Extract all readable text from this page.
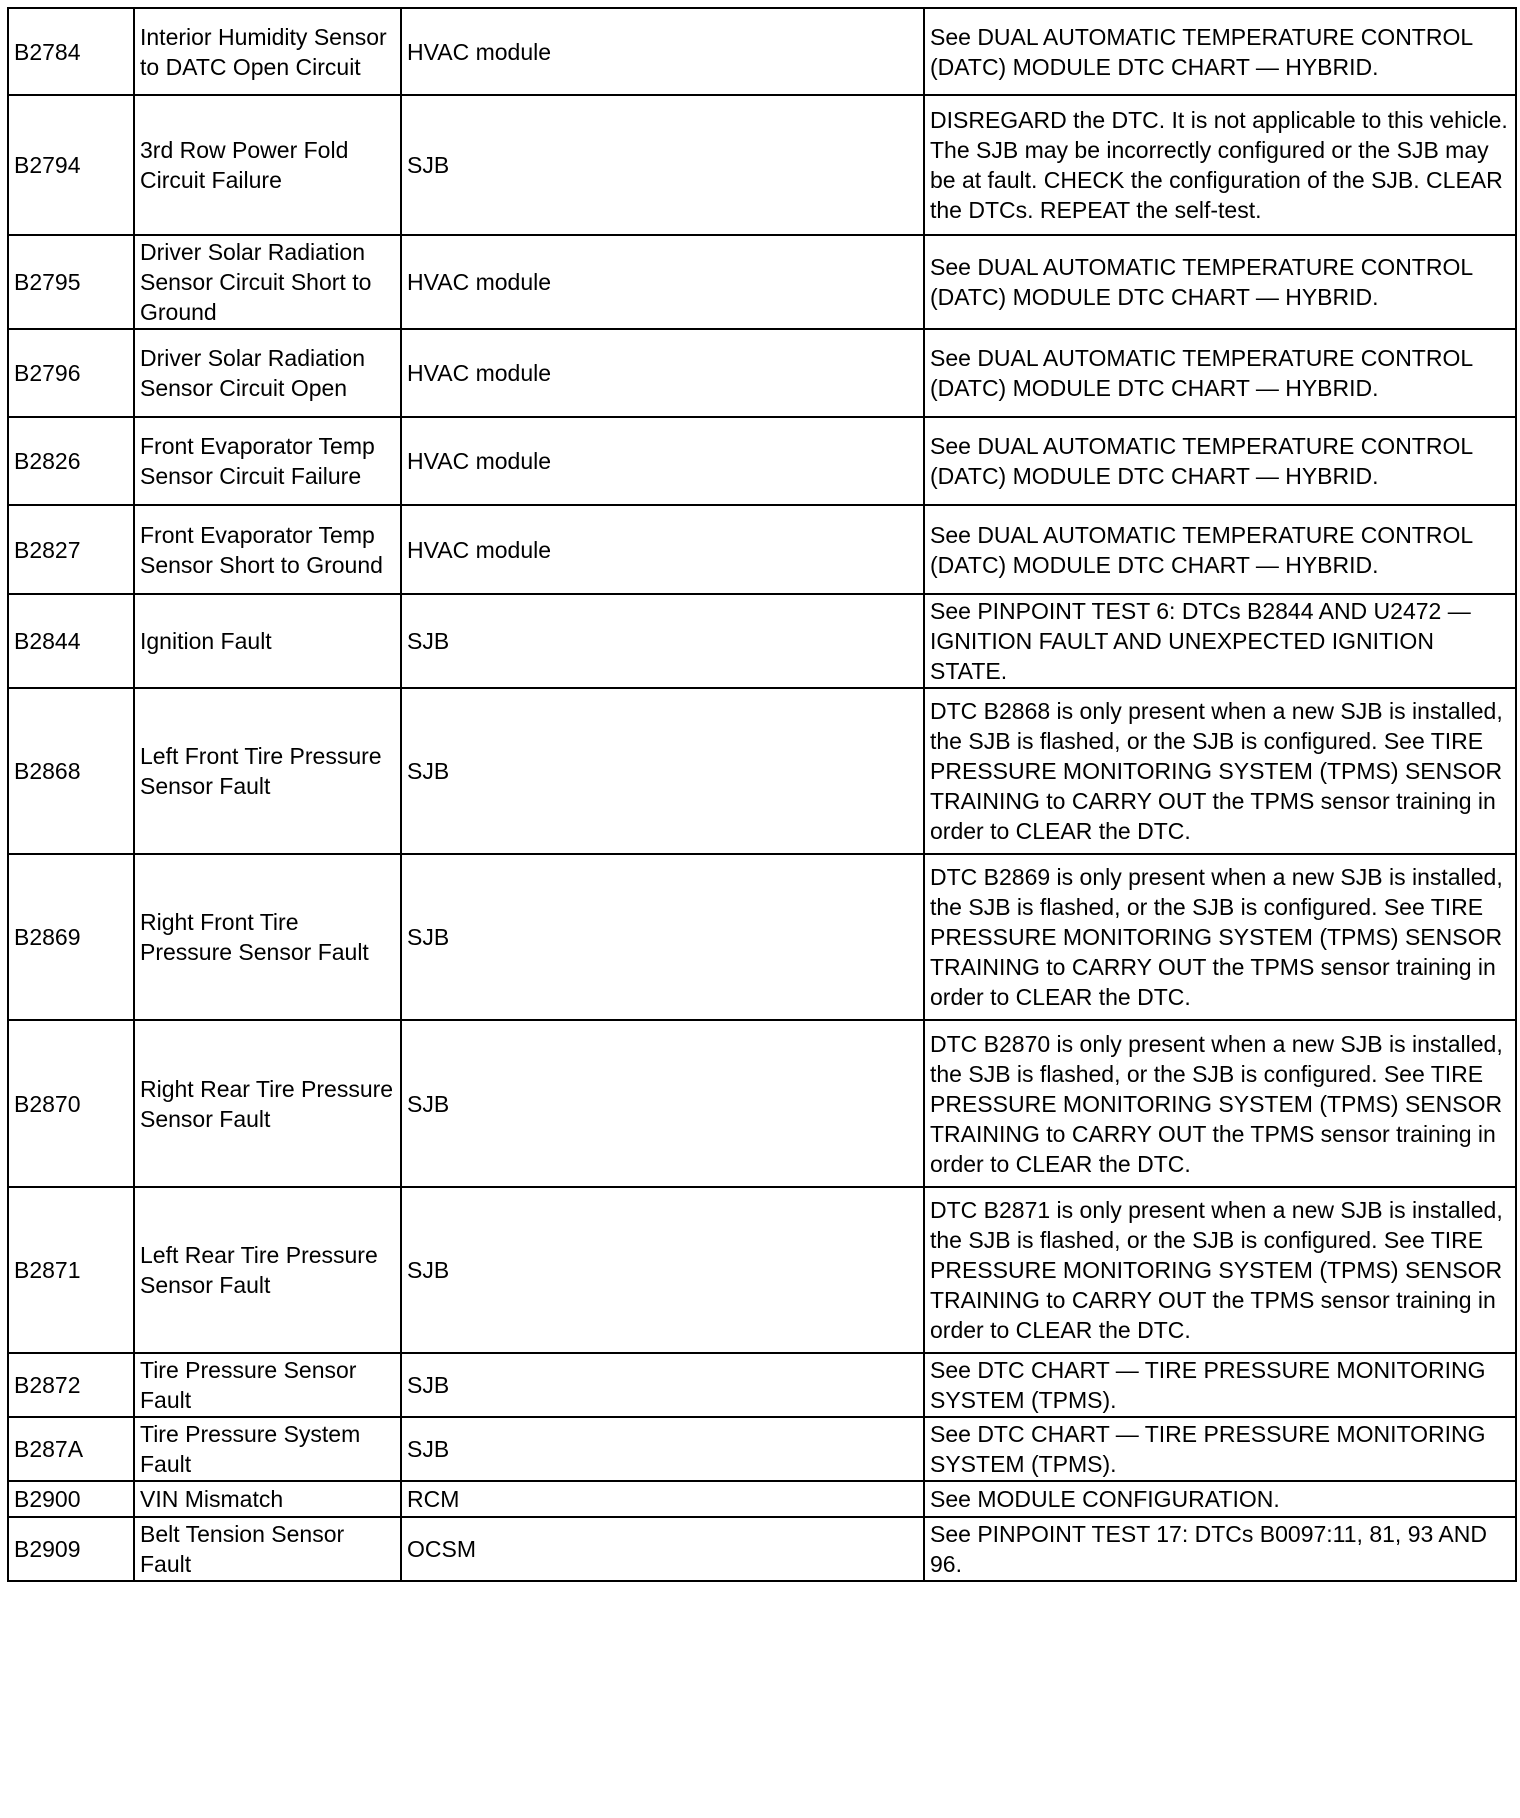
B2784	Interior Humidity Sensor to DATC Open Circuit	HVAC module	See DUAL AUTOMATIC TEMPERATURE CONTROL (DATC) MODULE DTC CHART — HYBRID.
B2794	3rd Row Power Fold Circuit Failure	SJB	DISREGARD the DTC. It is not applicable to this vehicle. The SJB may be incorrectly configured or the SJB may be at fault. CHECK the configuration of the SJB. CLEAR the DTCs. REPEAT the self-test.
B2795	Driver Solar Radiation Sensor Circuit Short to Ground	HVAC module	See DUAL AUTOMATIC TEMPERATURE CONTROL (DATC) MODULE DTC CHART — HYBRID.
B2796	Driver Solar Radiation Sensor Circuit Open	HVAC module	See DUAL AUTOMATIC TEMPERATURE CONTROL (DATC) MODULE DTC CHART — HYBRID.
B2826	Front Evaporator Temp Sensor Circuit Failure	HVAC module	See DUAL AUTOMATIC TEMPERATURE CONTROL (DATC) MODULE DTC CHART — HYBRID.
B2827	Front Evaporator Temp Sensor Short to Ground	HVAC module	See DUAL AUTOMATIC TEMPERATURE CONTROL (DATC) MODULE DTC CHART — HYBRID.
B2844	Ignition Fault	SJB	See PINPOINT TEST 6: DTCs B2844 AND U2472 — IGNITION FAULT AND UNEXPECTED IGNITION STATE.
B2868	Left Front Tire Pressure Sensor Fault	SJB	DTC B2868 is only present when a new SJB is installed, the SJB is flashed, or the SJB is configured. See TIRE PRESSURE MONITORING SYSTEM (TPMS) SENSOR TRAINING to CARRY OUT the TPMS sensor training in order to CLEAR the DTC.
B2869	Right Front Tire Pressure Sensor Fault	SJB	DTC B2869 is only present when a new SJB is installed, the SJB is flashed, or the SJB is configured. See TIRE PRESSURE MONITORING SYSTEM (TPMS) SENSOR TRAINING to CARRY OUT the TPMS sensor training in order to CLEAR the DTC.
B2870	Right Rear Tire Pressure Sensor Fault	SJB	DTC B2870 is only present when a new SJB is installed, the SJB is flashed, or the SJB is configured. See TIRE PRESSURE MONITORING SYSTEM (TPMS) SENSOR TRAINING to CARRY OUT the TPMS sensor training in order to CLEAR the DTC.
B2871	Left Rear Tire Pressure Sensor Fault	SJB	DTC B2871 is only present when a new SJB is installed, the SJB is flashed, or the SJB is configured. See TIRE PRESSURE MONITORING SYSTEM (TPMS) SENSOR TRAINING to CARRY OUT the TPMS sensor training in order to CLEAR the DTC.
B2872	Tire Pressure Sensor Fault	SJB	See DTC CHART — TIRE PRESSURE MONITORING SYSTEM (TPMS).
B287A	Tire Pressure System Fault	SJB	See DTC CHART — TIRE PRESSURE MONITORING SYSTEM (TPMS).
B2900	VIN Mismatch	RCM	See MODULE CONFIGURATION.
B2909	Belt Tension Sensor Fault	OCSM	See PINPOINT TEST 17: DTCs B0097:11, 81, 93 AND 96.
